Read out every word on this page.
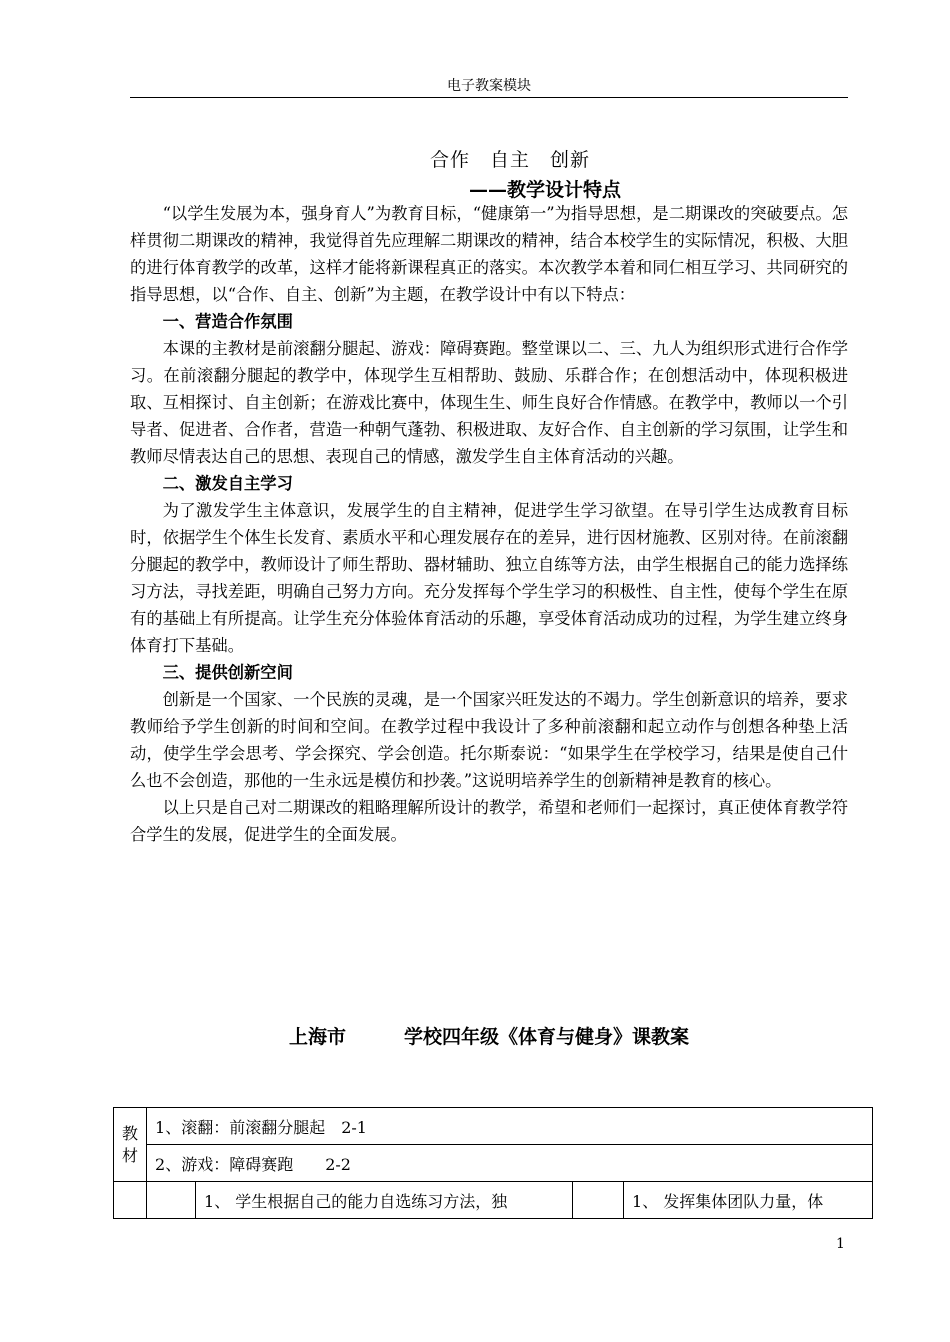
电子教案模块
合作　自主　创新
——教学设计特点

“以学生发展为本，强身育人”为教育目标，“健康第一”为指导思想，是二期课改的突破要点。怎样贯彻二期课改的精神，我觉得首先应理解二期课改的精神，结合本校学生的实际情况，积极、大胆的进行体育教学的改革，这样才能将新课程真正的落实。本次教学本着和同仁相互学习、共同研究的指导思想，以“合作、自主、创新”为主题，在教学设计中有以下特点：

一、营造合作氛围

本课的主教材是前滚翻分腿起、游戏：障碍赛跑。整堂课以二、三、九人为组织形式进行合作学习。在前滚翻分腿起的教学中，体现学生互相帮助、鼓励、乐群合作；在创想活动中，体现积极进取、互相探讨、自主创新；在游戏比赛中，体现生生、师生良好合作情感。在教学中，教师以一个引导者、促进者、合作者，营造一种朝气蓬勃、积极进取、友好合作、自主创新的学习氛围，让学生和教师尽情表达自己的思想、表现自己的情感，激发学生自主体育活动的兴趣。

二、激发自主学习

为了激发学生主体意识，发展学生的自主精神，促进学生学习欲望。在导引学生达成教育目标时，依据学生个体生长发育、素质水平和心理发展存在的差异，进行因材施教、区别对待。在前滚翻分腿起的教学中，教师设计了师生帮助、器材辅助、独立自练等方法，由学生根据自己的能力选择练习方法，寻找差距，明确自己努力方向。充分发挥每个学生学习的积极性、自主性，使每个学生在原有的基础上有所提高。让学生充分体验体育活动的乐趣，享受体育活动成功的过程，为学生建立终身体育打下基础。

三、提供创新空间

创新是一个国家、一个民族的灵魂，是一个国家兴旺发达的不竭力。学生创新意识的培养，要求教师给予学生创新的时间和空间。在教学过程中我设计了多种前滚翻和起立动作与创想各种垫上活动，使学生学会思考、学会探究、学会创造。托尔斯泰说：“如果学生在学校学习，结果是使自己什么也不会创造，那他的一生永远是模仿和抄袭。”这说明培养学生的创新精神是教育的核心。

以上只是自己对二期课改的粗略理解所设计的教学，希望和老师们一起探讨，真正使体育教学符合学生的发展，促进学生的全面发展。

上海市	学校四年级《体育与健身》课教案
教材	1、滚翻：前滚翻分腿起　2-1			
	2、游戏：障碍赛跑　　2-2			
		1、 学生根据自己的能力自选练习方法，独		1、 发挥集体团队力量，体
1
